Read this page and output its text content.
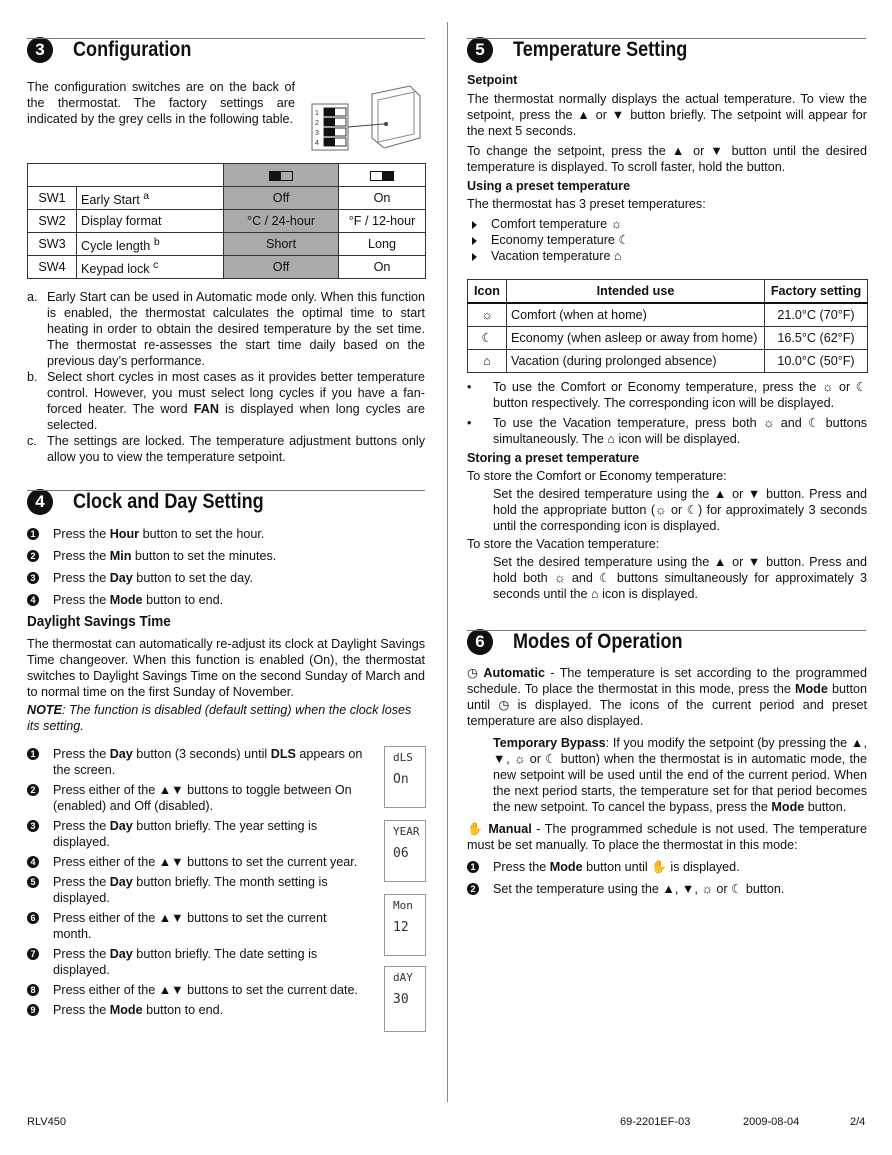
3	Configuration

The configuration switches are on the back of the thermostat. The factory settings are indicated by the grey cells in the following table.	1
2
3
4

SW1	Early Start $^a$	Off	On
SW2	Display format	°C / 24-hour	°F / 12-hour
SW3	Cycle length $^b$	Short	Long
SW4	Keypad lock $^c$	Off	On
a. Early Start can be used in Automatic mode only. When this function is enabled, the thermostat calculates the optimal time to start heating in order to obtain the desired temperature by the set time. The thermostat re-assesses the start time daily based on the previous day’s performance.
b. Select short cycles in most cases as it provides better temperature control. However, you must select long cycles if you have a fan-forced heater. The word FAN is displayed when long cycles are selected.
c. The settings are locked. The temperature adjustment buttons only allow you to view the temperature setpoint.
4	Clock and Day Setting
1 Press the Hour button to set the hour.
2 Press the Min button to set the minutes.
3 Press the Day button to set the day.
4 Press the Mode button to end.
Daylight Savings Time

The thermostat can automatically re-adjust its clock at Daylight Savings Time changeover. When this function is enabled (On), the thermostat switches to Daylight Savings Time on the second Sunday of March and to normal time on the first Sunday of November.

NOTE: The function is disabled (default setting) when the clock loses its setting.

1 Press the Day button (3 seconds) until DLS appears on the screen.
2 Press either of the ▲▼ buttons to toggle between On (enabled) and Off (disabled).
3 Press the Day button briefly. The year setting is displayed.
4 Press either of the ▲▼ buttons to set the current year.
5 Press the Day button briefly. The month setting is displayed.
6 Press either of the ▲▼ buttons to set the current month.
7 Press the Day button briefly. The date setting is displayed.
8 Press either of the ▲▼ buttons to set the current date.
9 Press the Mode button to end.
dLS
On
YEAR
06
Mon
12
dAY
30
5	Temperature Setting
Setpoint

The thermostat normally displays the actual temperature. To view the setpoint, press the ▲ or ▼ button briefly. The setpoint will appear for the next 5 seconds.

To change the setpoint, press the ▲ or ▼ button until the desired temperature is displayed. To scroll faster, hold the button.

Using a preset temperature

The thermostat has 3 preset temperatures:

Comfort temperature ☼
Economy temperature ☾
Vacation temperature ⌂
Icon	Intended use	Factory setting
☼	Comfort (when at home)	21.0°C (70°F)
☾	Economy (when asleep or away from home)	16.5°C (62°F)
⌂	Vacation (during prolonged absence)	10.0°C (50°F)
•	To use the Comfort or Economy temperature, press the ☼ or ☾ button respectively. The corresponding icon will be displayed.
•	To use the Vacation temperature, press both ☼ and ☾ buttons simultaneously. The ⌂ icon will be displayed.
Storing a preset temperature

To store the Comfort or Economy temperature:

Set the desired temperature using the ▲ or ▼ button. Press and hold the appropriate button (☼ or ☾) for approximately 3 seconds until the corresponding icon is displayed.

To store the Vacation temperature:

Set the desired temperature using the ▲ or ▼ button. Press and hold both ☼ and ☾ buttons simultaneously for approximately 3 seconds until the ⌂ icon is displayed.

6	Modes of Operation

◷ Automatic - The temperature is set according to the programmed schedule. To place the thermostat in this mode, press the Mode button until ◷ is displayed. The icons of the current period and preset temperature are also displayed.

Temporary Bypass: If you modify the setpoint (by pressing the ▲, ▼, ☼ or ☾ button) when the thermostat is in automatic mode, the new setpoint will be used until the end of the current period. When the next period starts, the temperature set for that period becomes the new setpoint. To cancel the bypass, press the Mode button.

✋ Manual - The programmed schedule is not used. The temperature must be set manually. To place the thermostat in this mode:

1 Press the Mode button until ✋ is displayed.
2 Set the temperature using the ▲, ▼, ☼ or ☾ button.
RLV450	69-2201EF-03	2009-08-04	2/4
